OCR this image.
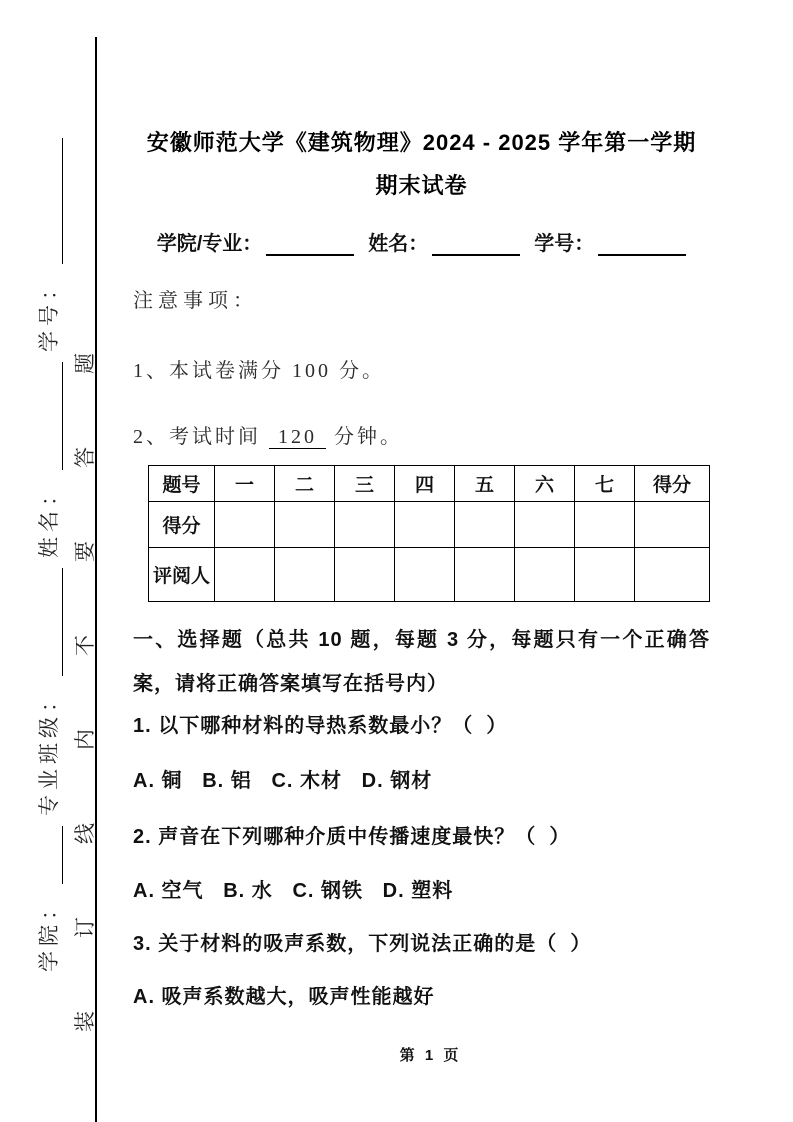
学院：
专业班级：
姓名：
学号：
装
订
线
内
不
要
答
题
安徽师范大学《建筑物理》2024 - 2025 学年第一学期
期末试卷
学院/专业：	姓名：	学号：
注意事项：
1、本试卷满分 100 分。
2、考试时间 120 分钟。
题号	一	二	三	四	五	六	七	得分
得分								
评阅人								
一、选择题（总共 10 题，每题 3 分，每题只有一个正确答案，请将正确答案填写在括号内）
1. 以下哪种材料的导热系数最小？（  ）
A. 铜   B. 铝   C. 木材   D. 钢材
2. 声音在下列哪种介质中传播速度最快？（  ）
A. 空气   B. 水   C. 钢铁   D. 塑料
3. 关于材料的吸声系数，下列说法正确的是（  ）
A. 吸声系数越大，吸声性能越好
第 1 页
